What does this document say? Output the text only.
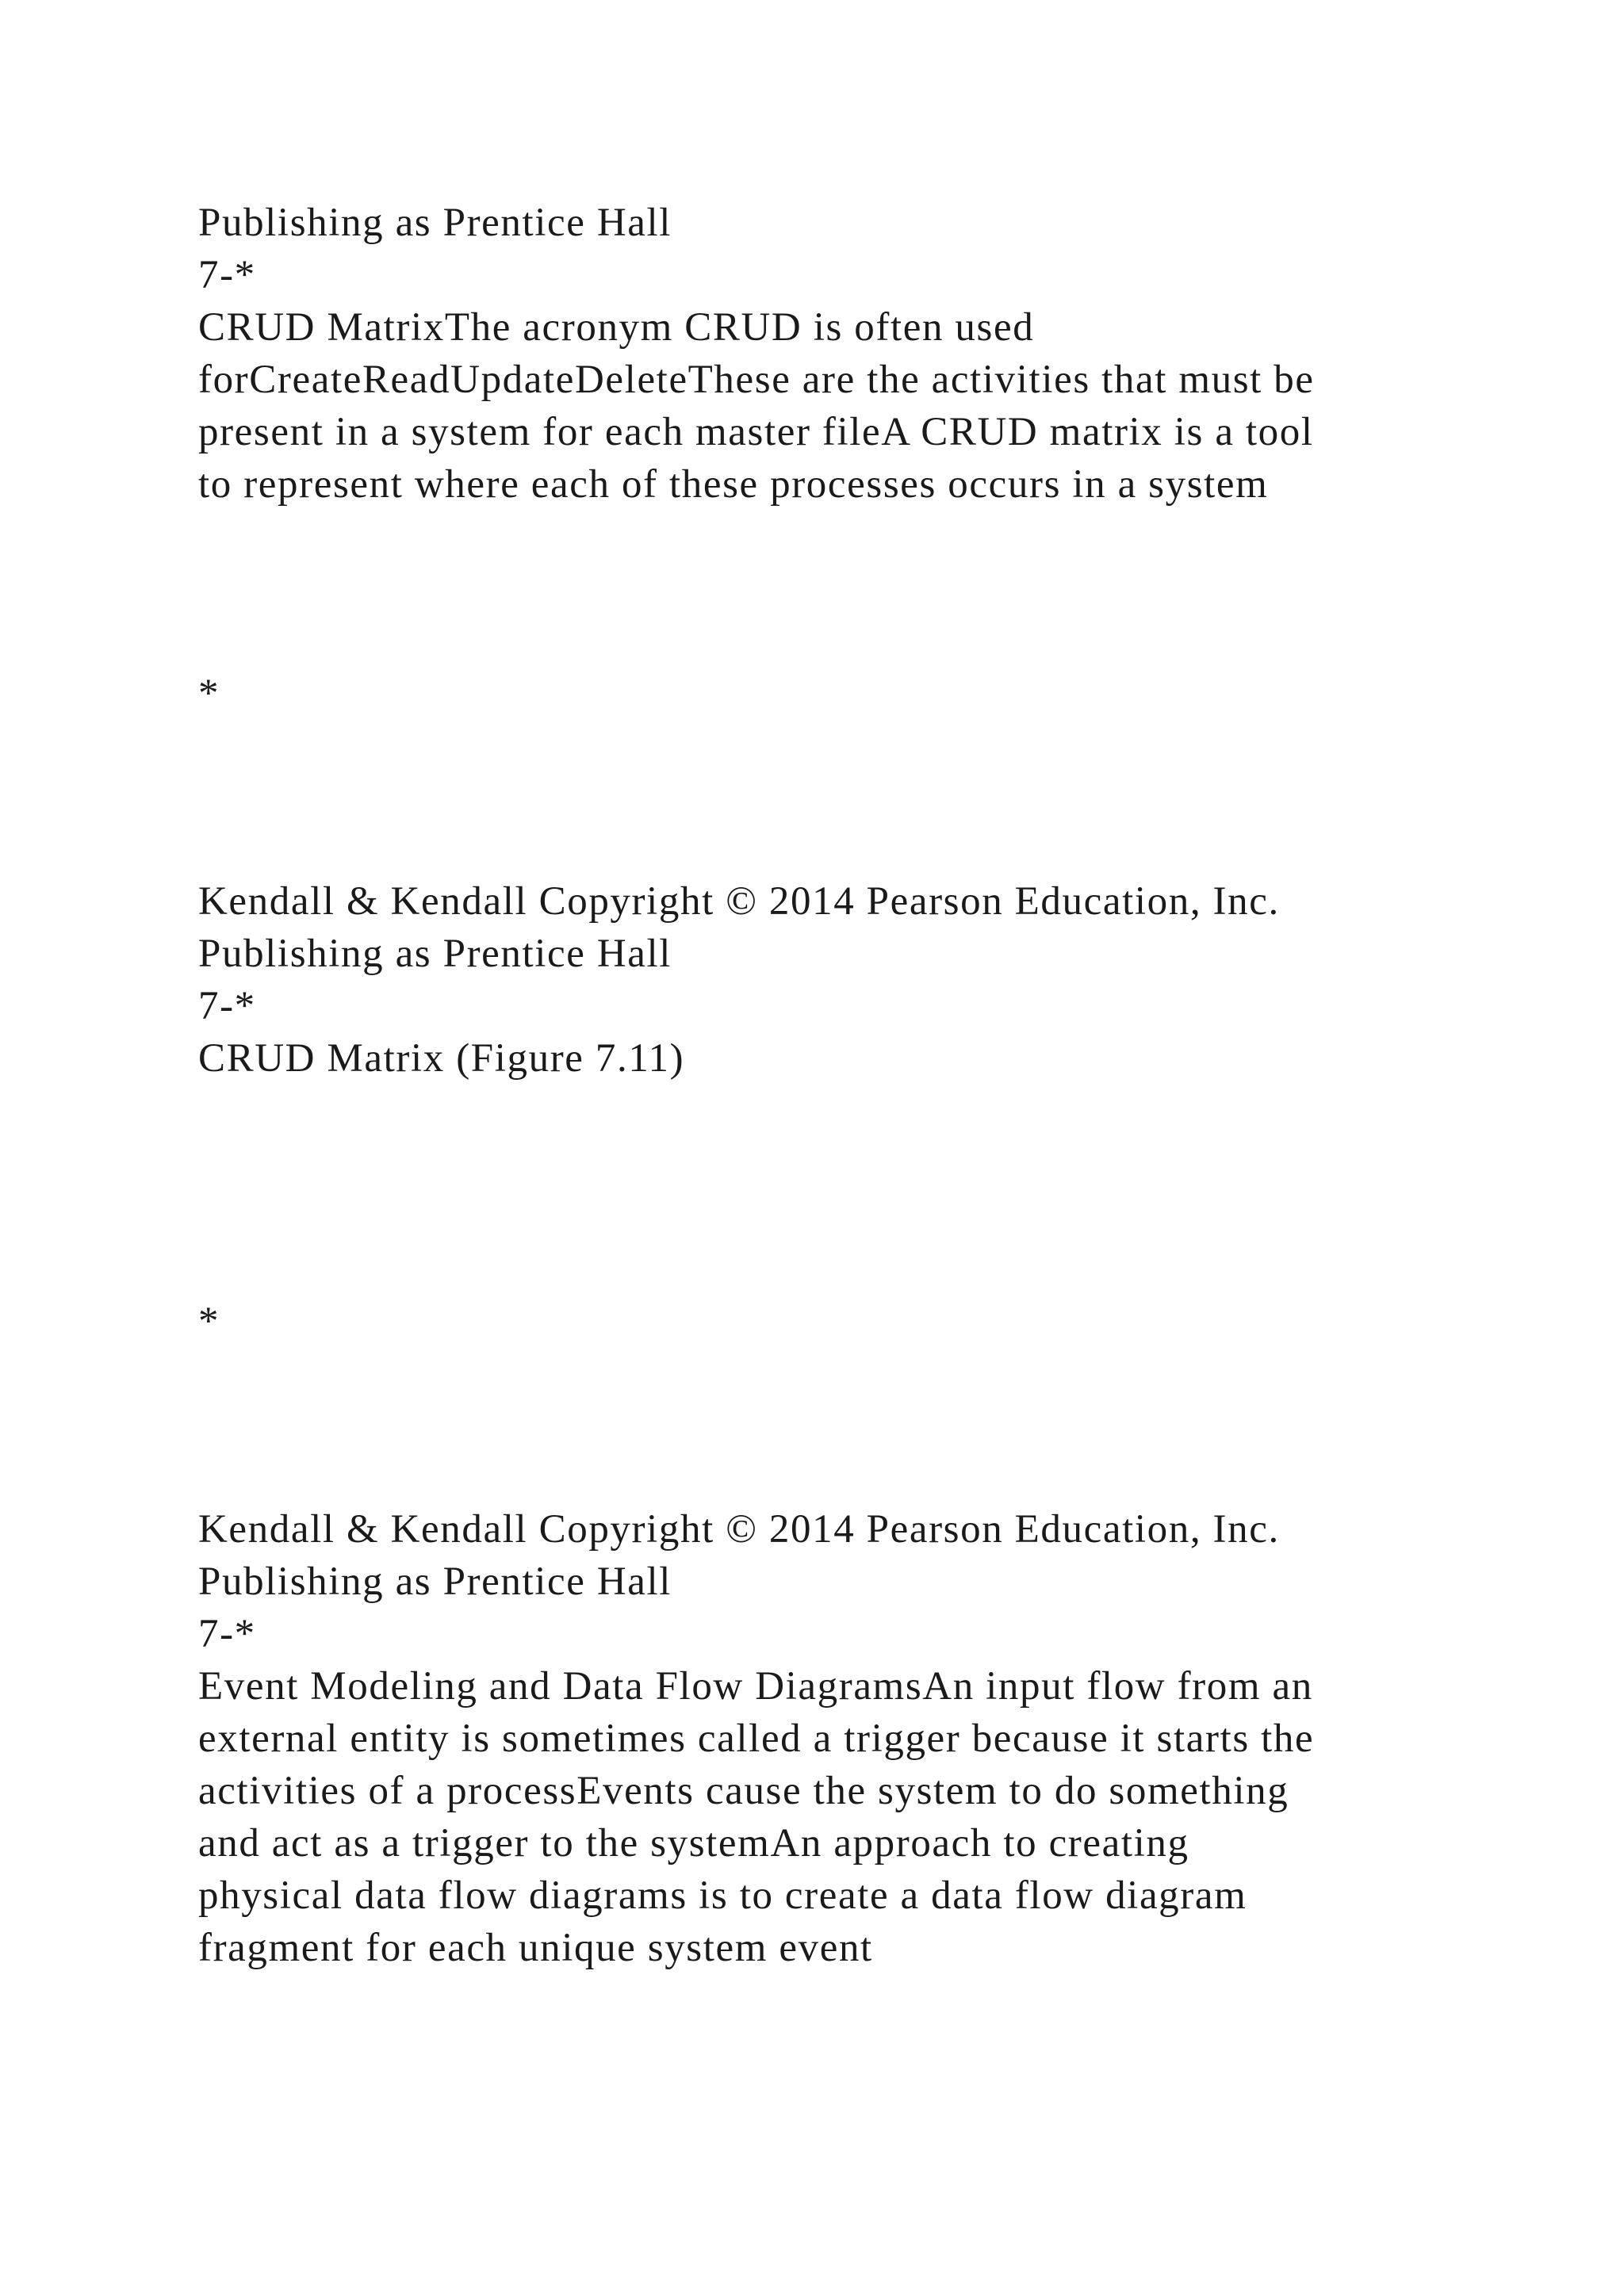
Publishing as Prentice Hall

7-*

CRUD MatrixThe acronym CRUD is often used

forCreateReadUpdateDeleteThese are the activities that must be

present in a system for each master fileA CRUD matrix is a tool

to represent where each of these processes occurs in a system

*

Kendall & Kendall Copyright © 2014 Pearson Education, Inc.

Publishing as Prentice Hall

7-*

CRUD Matrix (Figure 7.11)

*

Kendall & Kendall Copyright © 2014 Pearson Education, Inc.

Publishing as Prentice Hall

7-*

Event Modeling and Data Flow DiagramsAn input flow from an

external entity is sometimes called a trigger because it starts the

activities of a processEvents cause the system to do something

and act as a trigger to the systemAn approach to creating

physical data flow diagrams is to create a data flow diagram

fragment for each unique system event
